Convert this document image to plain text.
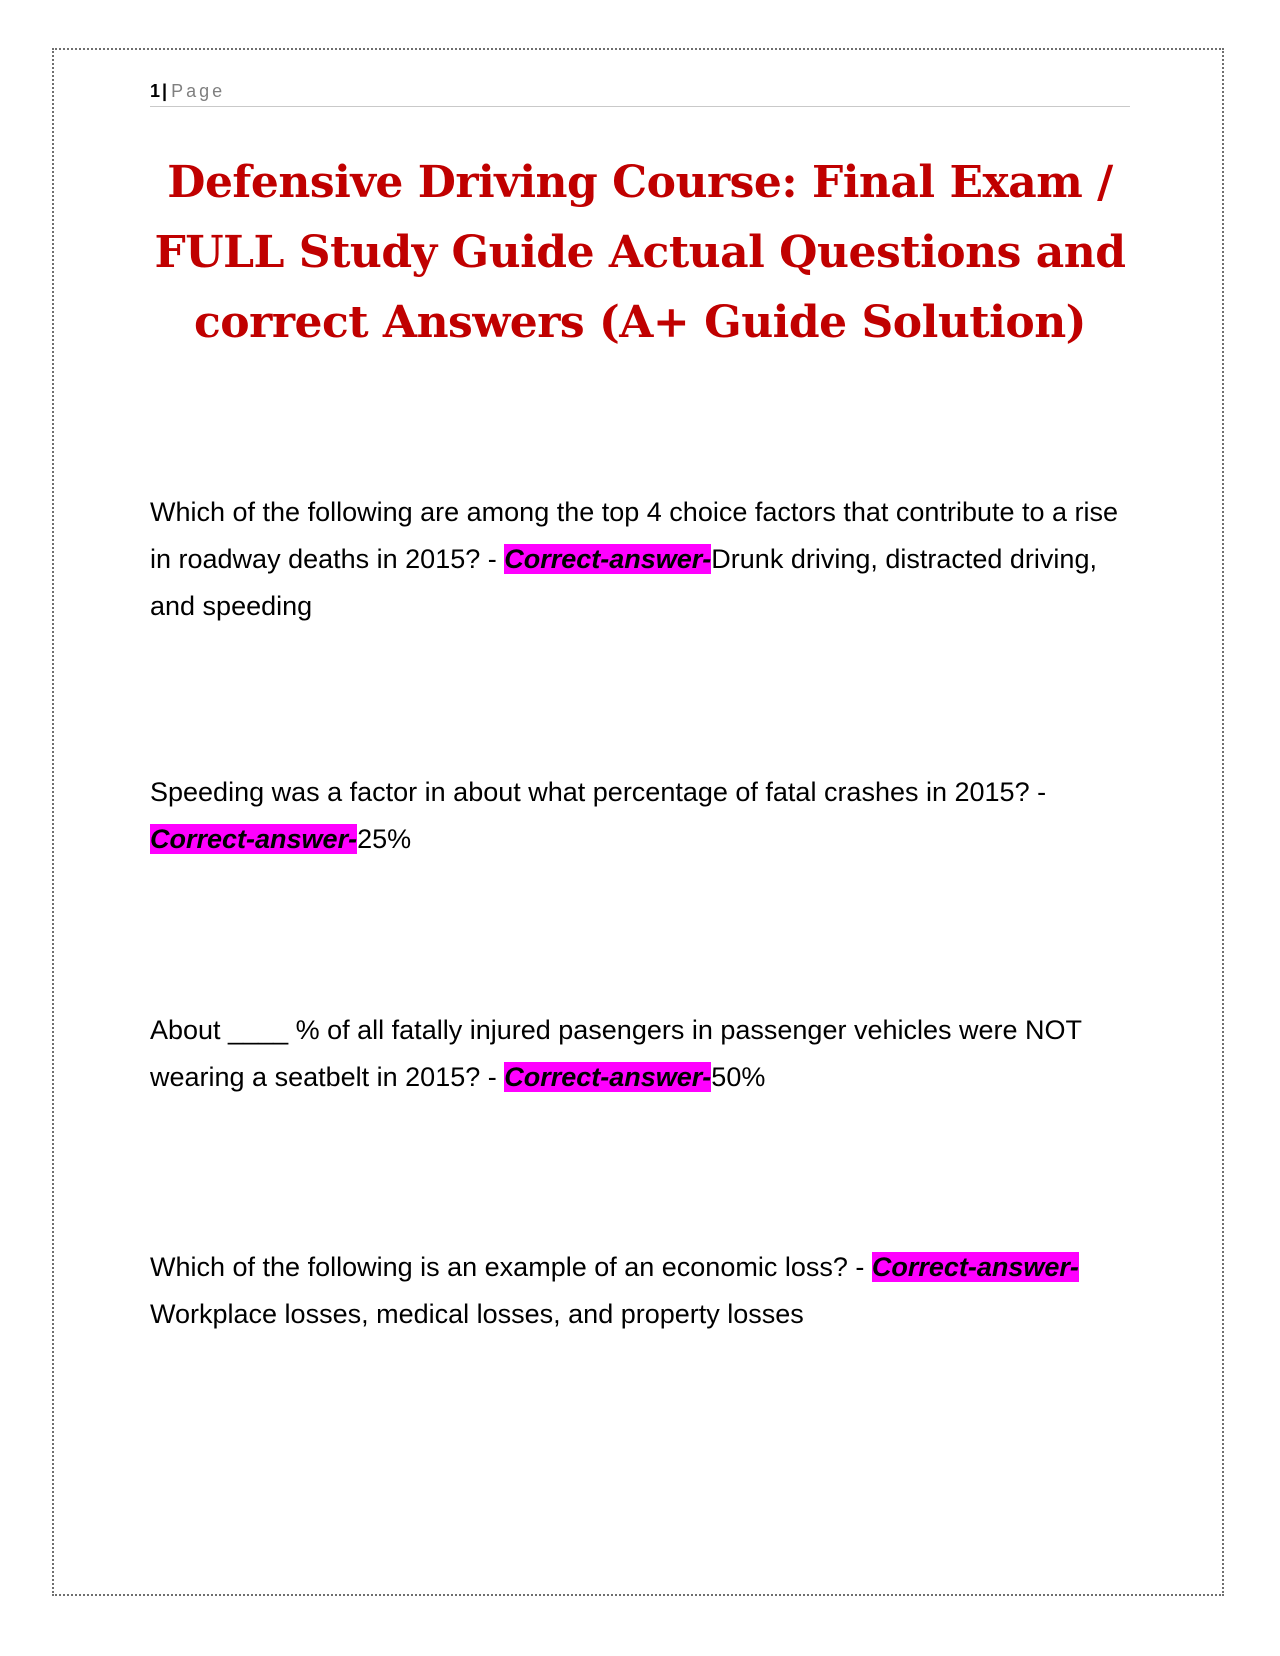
1 | Page
Defensive Driving Course: Final Exam / FULL Study Guide Actual Questions and correct Answers (A+ Guide Solution)

Which of the following are among the top 4 choice factors that contribute to a rise in roadway deaths in 2015? - Correct-answer-Drunk driving, distracted driving, and speeding

Speeding was a factor in about what percentage of fatal crashes in 2015? - Correct-answer-25%

About ____ % of all fatally injured pasengers in passenger vehicles were NOT wearing a seatbelt in 2015? - Correct-answer-50%

Which of the following is an example of an economic loss? - Correct-answer-Workplace losses, medical losses, and property losses
